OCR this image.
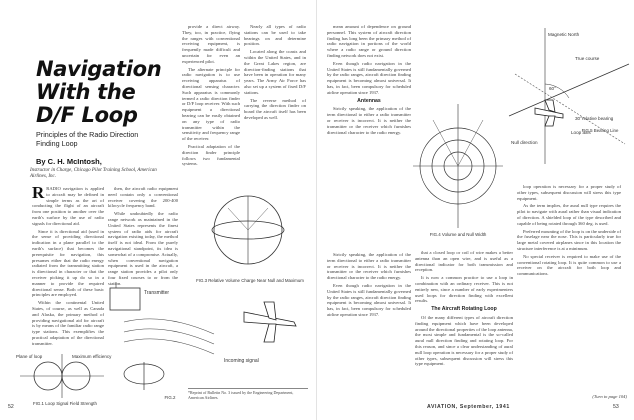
Navigation With the D/F Loop
Principles of the Radio Direction Finding Loop
By C. H. McIntosh,
Instructor in Charge, Chicago Pilot Training School, American Airlines, Inc.

RRADIO navigation is applied to aircraft may be defined in simple terms as the art of conducting the flight of an aircraft from one position to another over the earth's surface by the use of radio signals for directional aid.

Since it is directional aid (used in the sense of providing directional indication in a plane parallel to the earth's surface) that becomes the prerequisite for navigation, this presumes either that the radio energy radiated from the transmitting station is directional in character or that the receiver picking it up do so in a manner to provide the required directional sense. Both of these basic principles are employed.

Within the continental United States, of course, as well as Canada and Alaska, the primary method of providing navigational aid for aircraft is by means of the familiar radio range type stations. This exemplifies the practical adaptation of the directional transmitter.

then, the aircraft radio equipment need contain only a conventional receiver covering the 200-400 kilocycle frequency band.

While undoubtedly the radio range network as maintained in the United States represents the finest system of radio aids for aircraft navigation existing today, the method itself is not ideal. From the purely navigational standpoint, its idea is somewhat of a compromise. Actually, when conventional navigation equipment is used in the aircraft, a range station provides a pilot only four fixed courses to or from the station.

provide a direct airway. They, too, in practice, flying the ranges with conventional receiving equipment, is frequently made difficult and uncertain for even an experienced pilot.

The alternate principle for radio navigation is to use receiving apparatus of directional sensing character. Such apparatus is commonly termed a radio direction finder or D/F loop receiver. With such equipment a directional bearing can be easily obtained on any type of radio transmitter within the sensitivity and frequency range of the receiver.

Practical adaptation of the direction finder principle follows two fundamental systems.

Nearly all types of radio stations can be used to take bearings on and determine position.

Located along the coasts and within the United States, and in the Great Lakes region, are direction-finding stations that have been in operation for many years. The Army Air Force has also set up a system of fixed D/F stations.

The reverse method of carrying the direction finder on board the aircraft itself has been developed as well.

FIG.3 Relative Volume Charge Near Null and Maximum
Transmitter
Incoming signal
FIG.2
Plane of loop	Maximum efficiency
FIG.1 Loop Signal Field Strength
*Reprint of Bulletin No. 3 issued by the Engineering Department, American Airlines.
52

mean amount of dependence on ground personnel. This system of aircraft direction finding has long been the primary method of radio navigation in portions of the world where a radio range or ground direction finding network does not exist.

Even though radio navigation in the United States is still fundamentally governed by the radio ranges, aircraft direction finding equipment is becoming almost universal. It has, in fact, been compulsory for scheduled airline operation since 1937.

Antennas

Strictly speaking, the application of the term directional to either a radio transmitter or receiver is incorrect. It is neither the transmitter or the receiver which furnishes directional character to the radio energy.

Strictly speaking, the application of the term directional to either a radio transmitter or receiver is incorrect. It is neither the transmitter or the receiver which furnishes directional character to the radio energy.

Even though radio navigation in the United States is still fundamentally governed by the radio ranges, aircraft direction finding equipment is becoming almost universal. It has, in fact, been compulsory for scheduled airline operation since 1937.

that a closed loop or coil of wire makes a better antenna than an open wire, and is useful as a directional indicator for both transmission and reception.

It is now a common practice to use a loop in combination with an ordinary receiver. This is not entirely new, since a number of early experimenters used loops for direction finding with excellent results.

The Aircraft Rotating Loop

Of the many different types of aircraft direction finding equipment which have been developed around the directional properties of the loop antenna, the most simple and fundamental is the so-called aural null direction finding and rotating loop. For this reason, and since a clear understanding of aural null loop operation is necessary for a proper study of other types, subsequent discussion will stress this type equipment.

loop operation is necessary for a proper study of other types, subsequent discussion will stress this type equipment.

As the term implies, the aural null type requires the pilot to navigate with aural rather than visual indication of direction. A shielded loop of the type described and capable of being rotated through 360 deg. is used.

Preferred mounting of the loop is on the underside of the fuselage near the nose. This is particularly true for large metal covered airplanes since in this location the structure interference is at a minimum.

No special receiver is required to make use of the conventional rotating loop. It is quite common to use a receiver on the aircraft for both loop and communications.

(Turn to page 104)
FIG.4 Volume and Null Width
Magnetic North
True course
60°
Loop axis
30°relative bearing
Null direction
FIG.5 Bearing Line
AVIATION, September, 1941	53
